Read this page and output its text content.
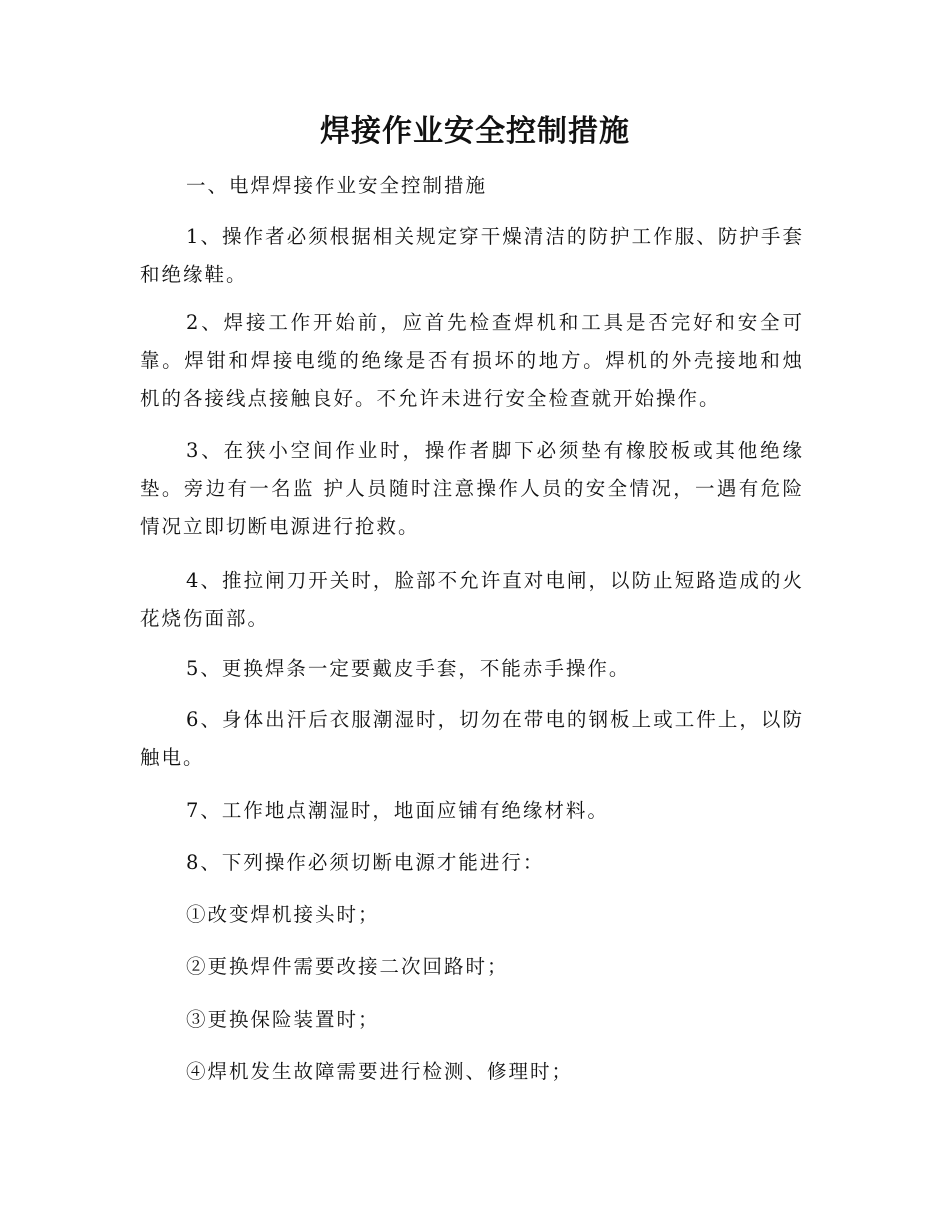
焊接作业安全控制措施

一、电焊焊接作业安全控制措施

1、操作者必须根据相关规定穿干燥清洁的防护工作服、防护手套和绝缘鞋。

2、焊接工作开始前，应首先检查焊机和工具是否完好和安全可靠。焊钳和焊接电缆的绝缘是否有损坏的地方。焊机的外壳接地和烛机的各接线点接触良好。不允许未进行安全检查就开始操作。

3、在狭小空间作业时，操作者脚下必须垫有橡胶板或其他绝缘垫。旁边有一名监 护人员随时注意操作人员的安全情况，一遇有危险情况立即切断电源进行抢救。

4、推拉闸刀开关时，脸部不允许直对电闸，以防止短路造成的火花烧伤面部。

5、更换焊条一定要戴皮手套，不能赤手操作。

6、身体出汗后衣服潮湿时，切勿在带电的钢板上或工件上，以防触电。

7、工作地点潮湿时，地面应铺有绝缘材料。

8、下列操作必须切断电源才能进行：

①改变焊机接头时；

②更换焊件需要改接二次回路时；

③更换保险装置时；

④焊机发生故障需要进行检测、修理时；
